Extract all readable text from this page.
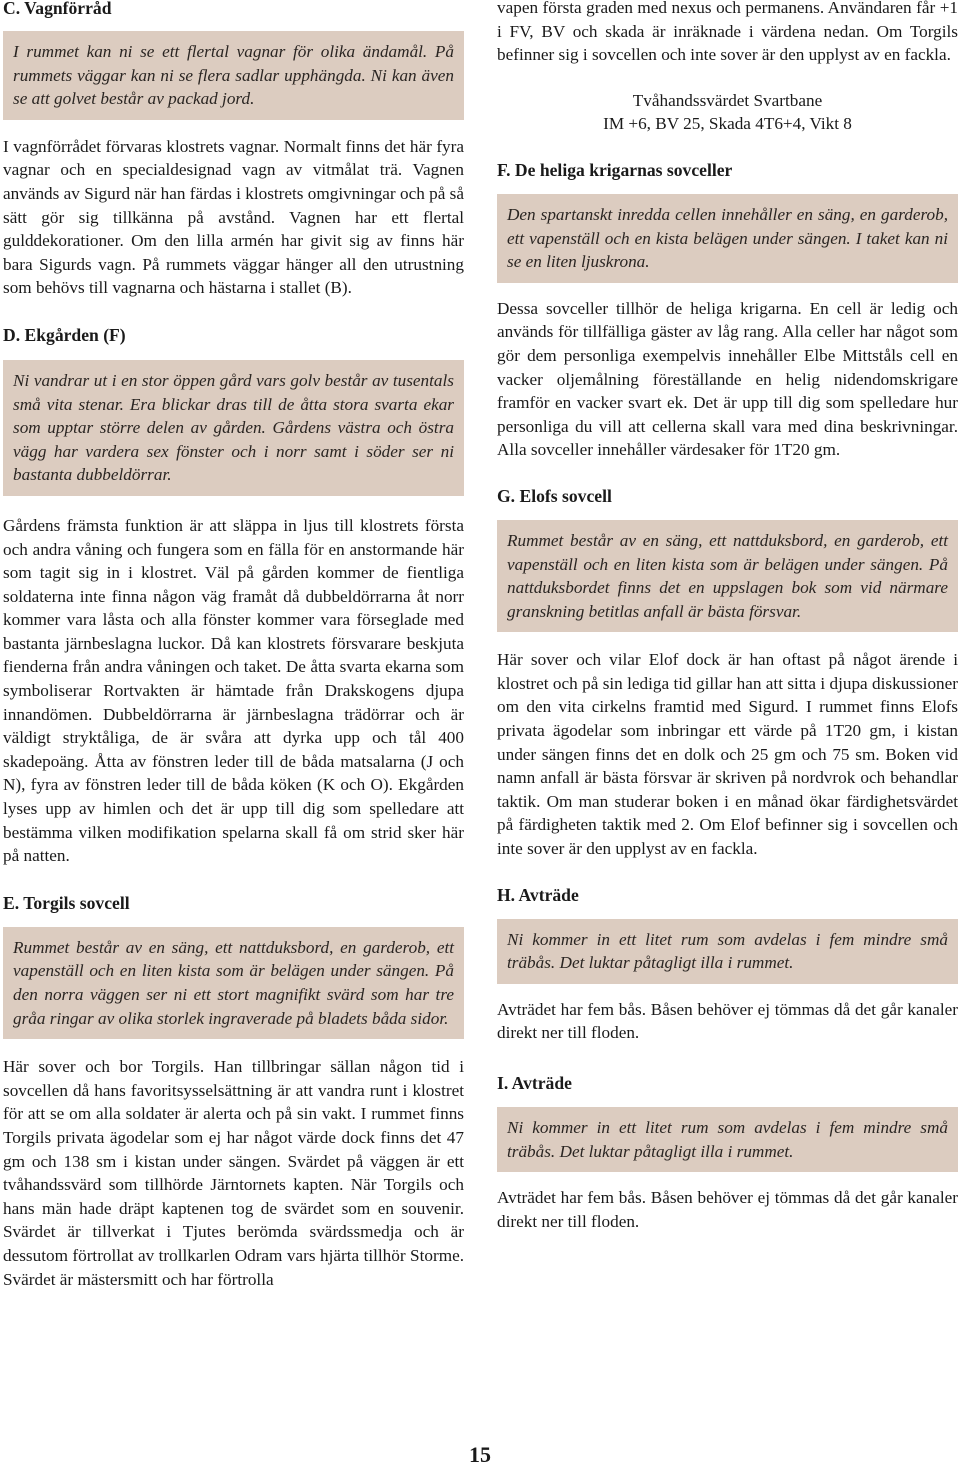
C. Vagnförråd

I rummet kan ni se ett flertal vagnar för olika ändamål. På rummets väggar kan ni se flera sadlar upphängda. Ni kan även se att golvet består av packad jord.

I vagnförrådet förvaras klostrets vagnar. Normalt finns det här fyra vagnar och en specialdesignad vagn av vitmålat trä. Vagnen används av Sigurd när han färdas i klostrets omgivningar och på så sätt gör sig tillkänna på avstånd. Vagnen har ett flertal gulddekorationer. Om den lilla armén har givit sig av finns här bara Sigurds vagn. På rummets väggar hänger all den utrustning som behövs till vagnarna och hästarna i stallet (B).

D. Ekgården (F)

Ni vandrar ut i en stor öppen gård vars golv består av tusentals små vita stenar. Era blickar dras till de åtta stora svarta ekar som upptar större delen av gården. Gårdens västra och östra vägg har vardera sex fönster och i norr samt i söder ser ni bastanta dubbeldörrar.

Gårdens främsta funktion är att släppa in ljus till klostrets första och andra våning och fungera som en fälla för en anstormande här som tagit sig in i klostret. Väl på gården kommer de fientliga soldaterna inte finna någon väg framåt då dubbeldörrarna åt norr kommer vara låsta och alla fönster kommer vara förseglade med bastanta järnbeslagna luckor. Då kan klostrets försvarare beskjuta fienderna från andra våningen och taket. De åtta svarta ekarna som symboliserar Rortvakten är hämtade från Drakskogens djupa innandömen. Dubbeldörrarna är järnbeslagna trädörrar och är väldigt stryktåliga, de är svåra att dyrka upp och tål 400 skadepoäng. Åtta av fönstren leder till de båda matsalarna (J och N), fyra av fönstren leder till de båda köken (K och O). Ekgården lyses upp av himlen och det är upp till dig som spelledare att bestämma vilken modifikation spelarna skall få om strid sker här på natten.

E. Torgils sovcell

Rummet består av en säng, ett nattduksbord, en garderob, ett vapenställ och en liten kista som är belägen under sängen. På den norra väggen ser ni ett stort magnifikt svärd som har tre gråa ringar av olika storlek ingraverade på bladets båda sidor.

Här sover och bor Torgils. Han tillbringar sällan någon tid i sovcellen då hans favoritsysselsättning är att vandra runt i klostret för att se om alla soldater är alerta och på sin vakt. I rummet finns Torgils privata ägodelar som ej har något värde dock finns det 47 gm och 138 sm i kistan under sängen. Svärdet på väggen är ett tvåhandssvärd som tillhörde Järntornets kapten. När Torgils och hans män hade dräpt kaptenen tog de svärdet som en souvenir. Svärdet är tillverkat i Tjutes berömda svärdssmedja och är dessutom förtrollat av trollkarlen Odram vars hjärta tillhör Storme. Svärdet är mästersmitt och har förtrolla

vapen första graden med nexus och permanens. Användaren får +1 i FV, BV och skada är inräknade i värdena nedan. Om Torgils befinner sig i sovcellen och inte sover är den upplyst av en fackla.

Tvåhandssvärdet Svartbane

IM +6, BV 25, Skada 4T6+4, Vikt 8

F. De heliga krigarnas sovceller

Den spartanskt inredda cellen innehåller en säng, en garderob, ett vapenställ och en kista belägen under sängen. I taket kan ni se en liten ljuskrona.

Dessa sovceller tillhör de heliga krigarna. En cell är ledig och används för tillfälliga gäster av låg rang. Alla celler har något som gör dem personliga exempelvis innehåller Elbe Mittståls cell en vacker oljemålning föreställande en helig nidendomskrigare framför en vacker svart ek. Det är upp till dig som spelledare hur personliga du vill att cellerna skall vara med dina beskrivningar. Alla sovceller innehåller värdesaker för 1T20 gm.

G. Elofs sovcell

Rummet består av en säng, ett nattduksbord, en garderob, ett vapenställ och en liten kista som är belägen under sängen. På nattduksbordet finns det en uppslagen bok som vid närmare granskning betitlas anfall är bästa försvar.

Här sover och vilar Elof dock är han oftast på något ärende i klostret och på sin lediga tid gillar han att sitta i djupa diskussioner om den vita cirkelns framtid med Sigurd. I rummet finns Elofs privata ägodelar som inbringar ett värde på 1T20 gm, i kistan under sängen finns det en dolk och 25 gm och 75 sm. Boken vid namn anfall är bästa försvar är skriven på nordvrok och behandlar taktik. Om man studerar boken i en månad ökar färdighetsvärdet på färdigheten taktik med 2. Om Elof befinner sig i sovcellen och inte sover är den upplyst av en fackla.

H. Avträde

Ni kommer in ett litet rum som avdelas i fem mindre små träbås. Det luktar påtagligt illa i rummet.

Avträdet har fem bås. Båsen behöver ej tömmas då det går kanaler direkt ner till floden.

I. Avträde

Ni kommer in ett litet rum som avdelas i fem mindre små träbås. Det luktar påtagligt illa i rummet.

Avträdet har fem bås. Båsen behöver ej tömmas då det går kanaler direkt ner till floden.

15
